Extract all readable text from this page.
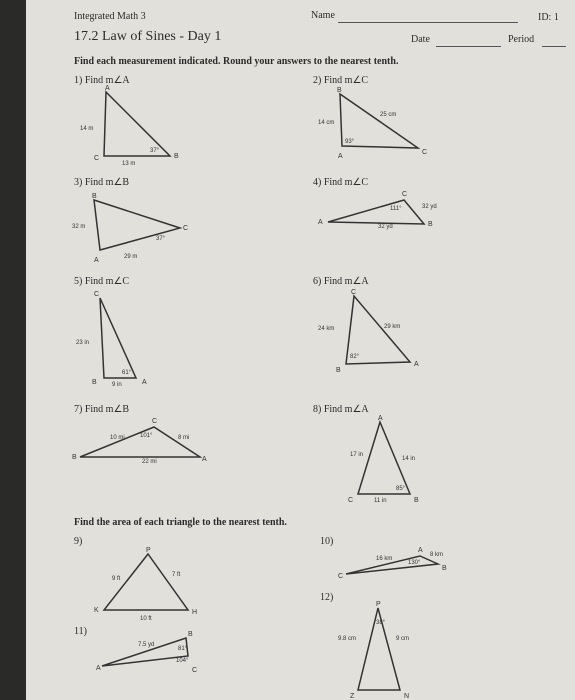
Integrated Math 3	Name	ID: 1
17.2 Law of Sines - Day 1	Date	Period
Find each measurement indicated. Round your answers to the nearest tenth.
1) Find m∠A
A
C	B
14 m
13 m
37°
2) Find m∠C
B
A
C
14 cm
25 cm
93°
3) Find m∠B
B
A
C
32 m
29 m
37°
4) Find m∠C
A
C
B
32 yd
32 yd
111°
5) Find m∠C
C
B	A
23 in
9 in
61°
6) Find m∠A
C
B
A
24 km	29 km
82°
7) Find m∠B
C
B	A
10 mi	8 mi
22 mi
101°
8) Find m∠A
A
C	B
17 in
14 in
11 in
85°
Find the area of each triangle to the nearest tenth.
9)
P
K	H
9 ft
7 ft
10 ft
10)
C
A
B
16 km
8 km
130°
11)
A
B
C
7.5 yd
81°
104°
12)
P
Z	N
9.8 cm	9 cm
38°
